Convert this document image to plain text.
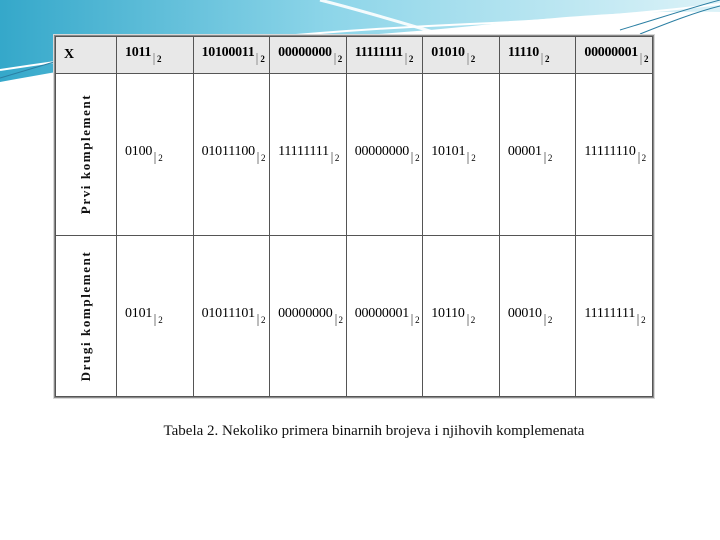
X	1011 2	10100011 2	00000000 2	11111111 2	01010 2	11110 2	00000001 2

Prvi komplement	0100 2	01011100 2	11111111 2	00000000 2	10101 2	00001 2	11111110 2

Drugi komplement	0101 2	01011101 2	00000000 2	00000001 2	10110 2	00010 2	11111111 2
Tabela 2. Nekoliko primera binarnih brojeva i njihovih komplemenata
